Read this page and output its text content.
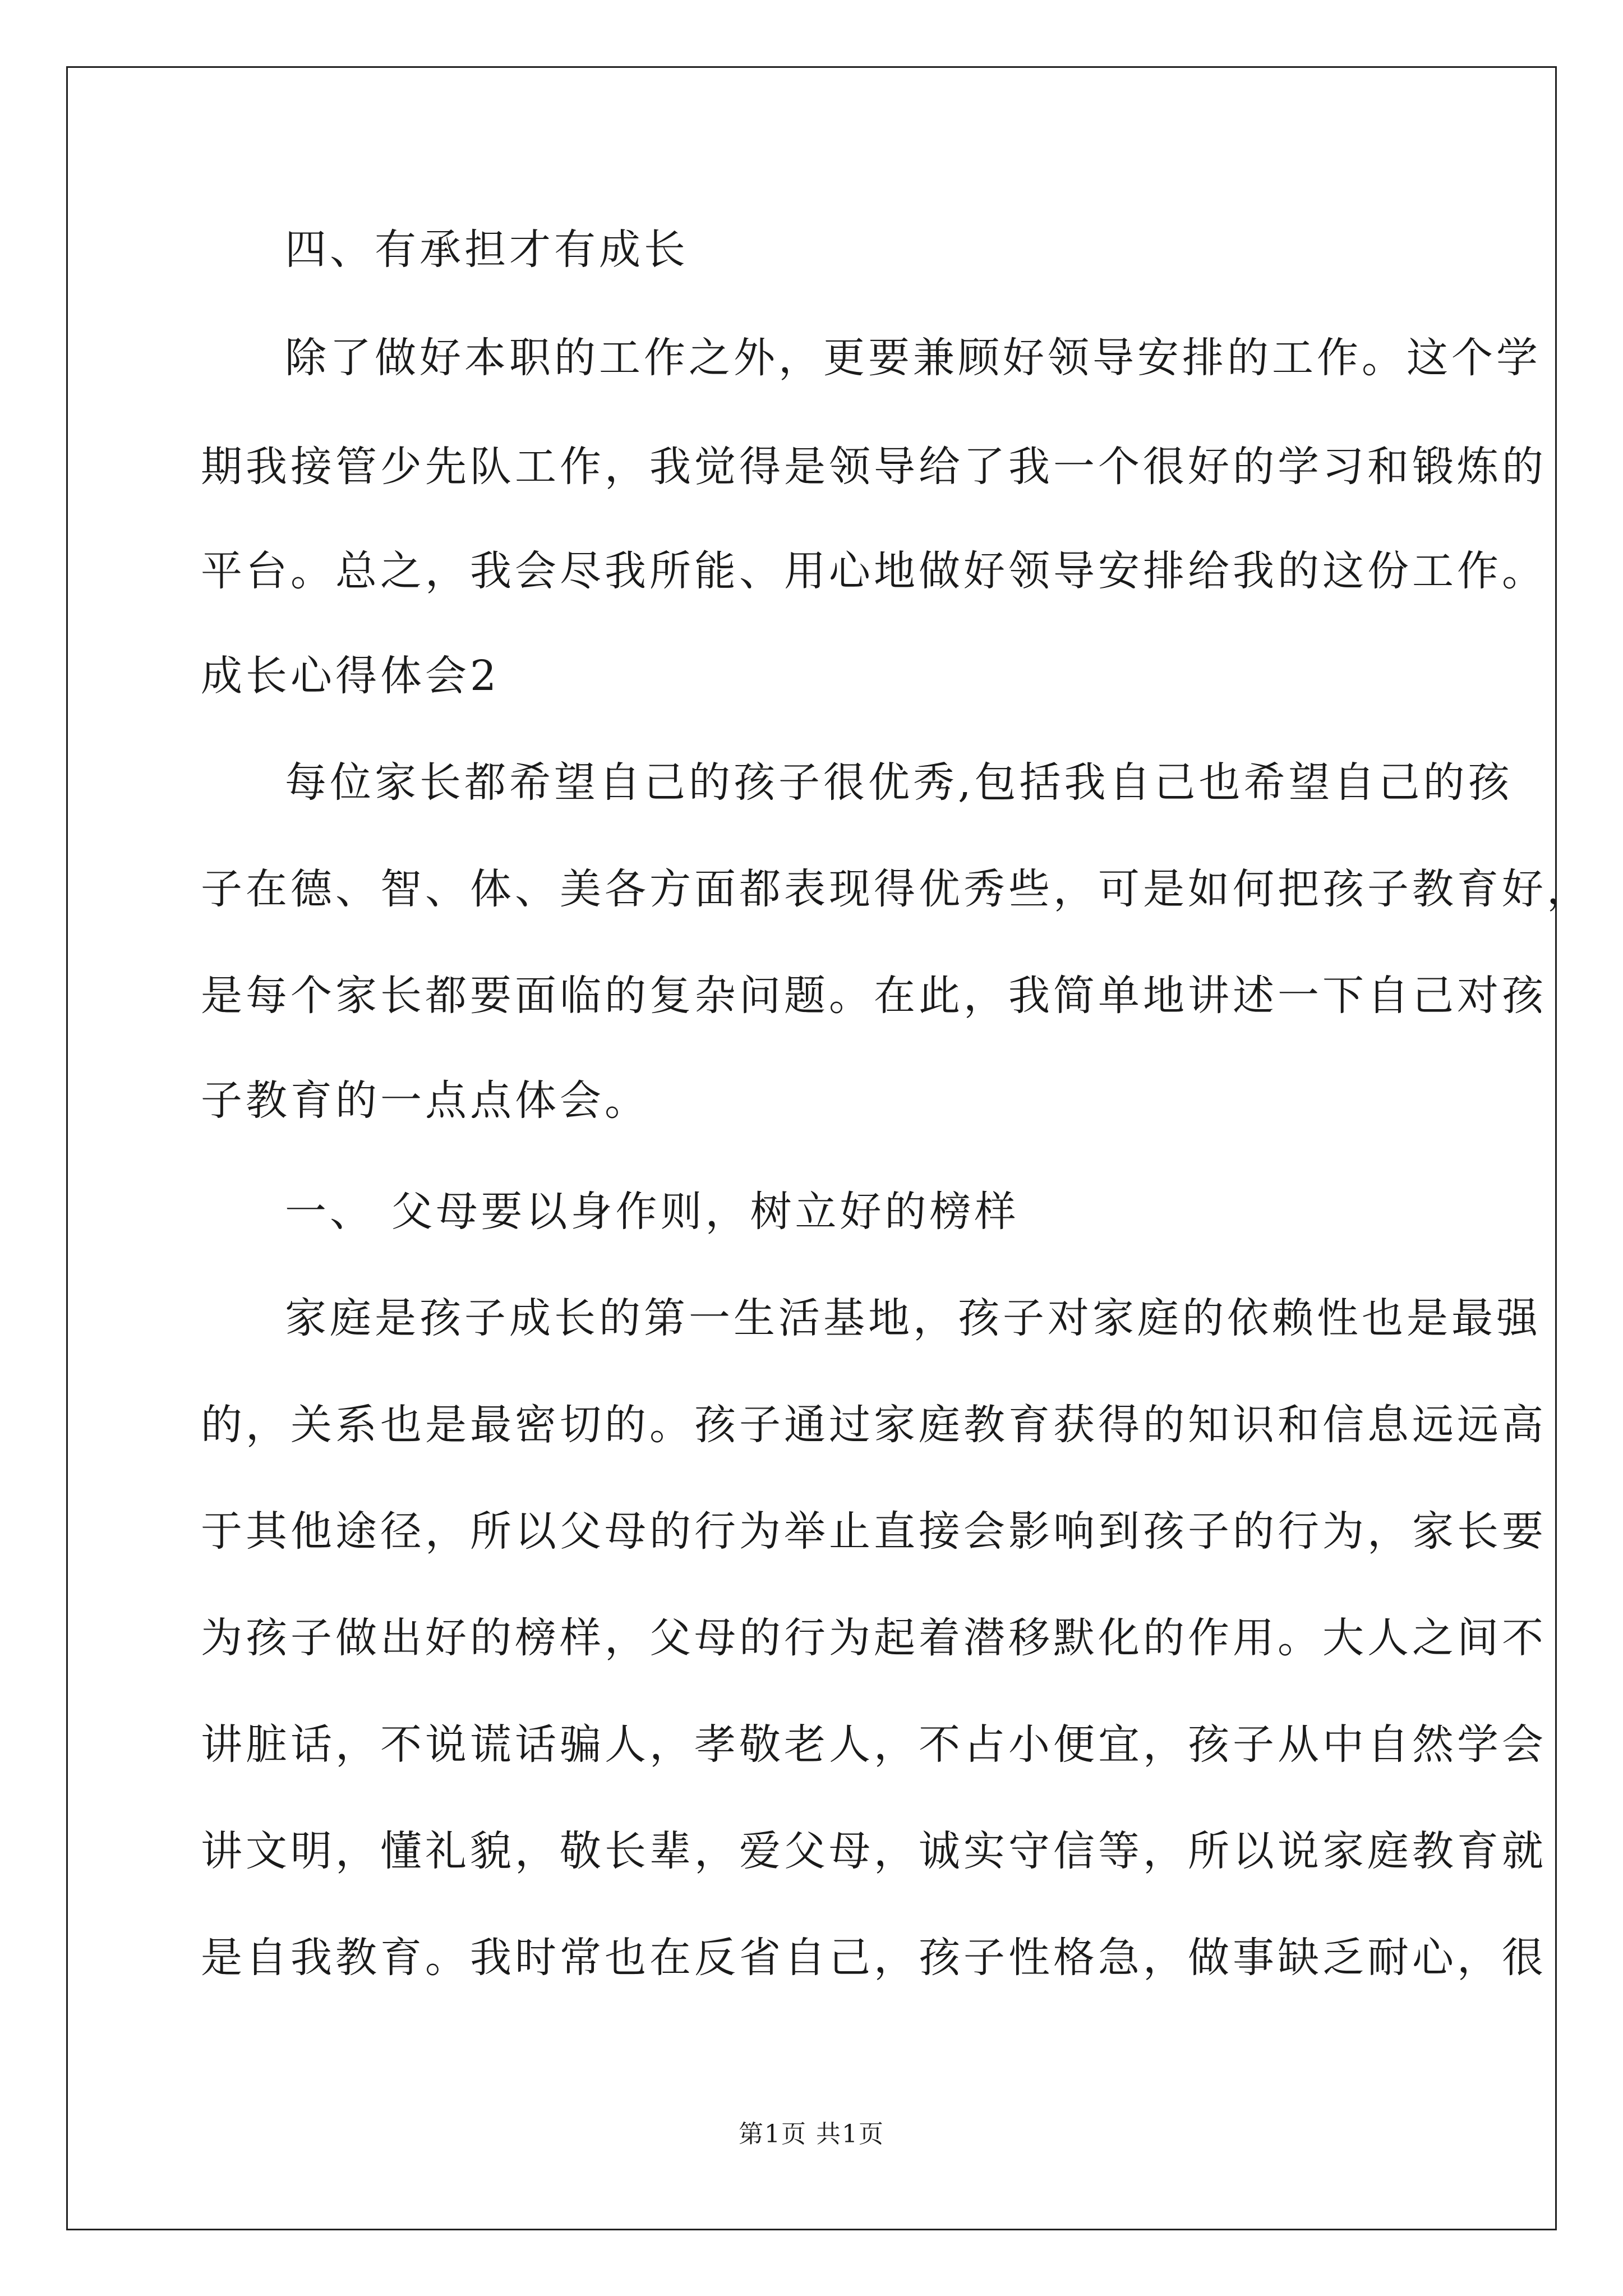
四、有承担才有成长
除了做好本职的工作之外，更要兼顾好领导安排的工作。这个学
期我接管少先队工作，我觉得是领导给了我一个很好的学习和锻炼的
平台。总之，我会尽我所能、用心地做好领导安排给我的这份工作。
成长心得体会2
每位家长都希望自己的孩子很优秀,包括我自己也希望自己的孩
子在德、智、体、美各方面都表现得优秀些，可是如何把孩子教育好，
是每个家长都要面临的复杂问题。在此，我简单地讲述一下自己对孩
子教育的一点点体会。
一、 父母要以身作则，树立好的榜样
家庭是孩子成长的第一生活基地，孩子对家庭的依赖性也是最强
的，关系也是最密切的。孩子通过家庭教育获得的知识和信息远远高
于其他途径，所以父母的行为举止直接会影响到孩子的行为，家长要
为孩子做出好的榜样，父母的行为起着潜移默化的作用。大人之间不
讲脏话，不说谎话骗人，孝敬老人，不占小便宜，孩子从中自然学会
讲文明，懂礼貌，敬长辈，爱父母，诚实守信等，所以说家庭教育就
是自我教育。我时常也在反省自己，孩子性格急，做事缺乏耐心，很
第1页 共1页
